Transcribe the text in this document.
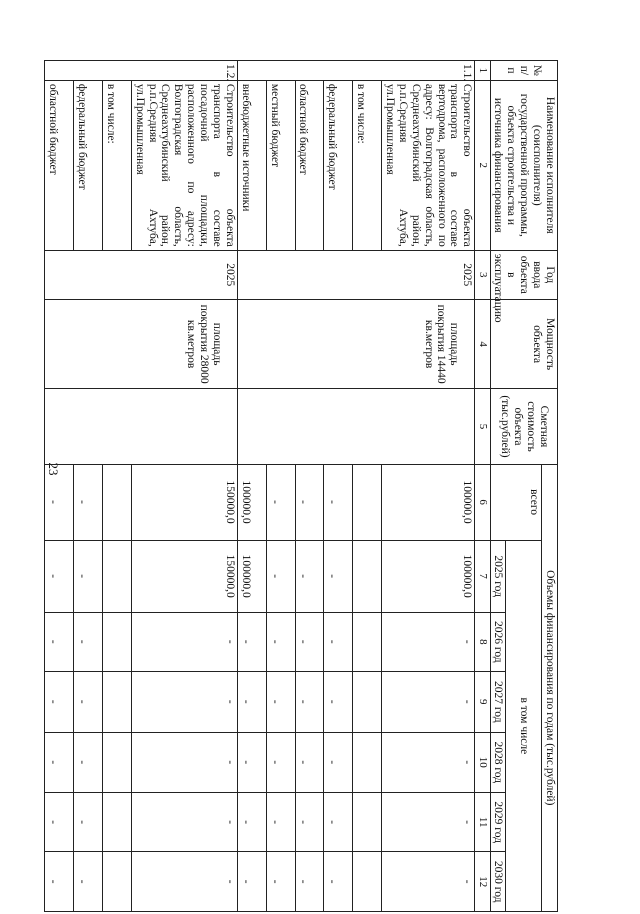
23
№ п/п	Наименование исполнителя (соисполнителя) государственной программы, объекта строительства и источника финансирования	Год ввода объекта в эксплуатацию	Мощность объекта	Сметная стоимость объекта (тыс.рублей)	Объемы финансирования по годам (тыс.рублей)						
					всего	в том числе					
						2025 год	2026 год	2027 год	2028 год	2029 год	2030 год
1	2	3	4	5	6	7	8	9	10	11	12
1.1.	Строительство объекта транспорта в составе вертодрома, расположенного по адресу: Волгоградская область, Среднеахтубинский район, р.п.Средняя Ахтуба, ул.Промышленная	2025	площадь покрытия 14440 кв.метров		100000,0	100000,0	-	-	-	-	-
	в том числе:										
	федеральный бюджет				-	-	-	-	-	-	-
	областной бюджет				-	-	-	-	-	-	-
	местный бюджет				-	-	-	-	-	-	-
	внебюджетные источники				100000,0	100000,0	-	-	-	-	-
1.2.	Строительство объекта транспорта в составе посадочной площадки, расположенного по адресу: Волгоградская область, Среднеахтубинский район, р.п.Средняя Ахтуба, ул.Промышленная	2025	площадь покрытия 28000 кв.метров		150000,0	150000,0	-	-	-	-	-
	в том числе:										
	федеральный бюджет				-	-	-	-	-	-	-
	областной бюджет				-	-	-	-	-	-	-
